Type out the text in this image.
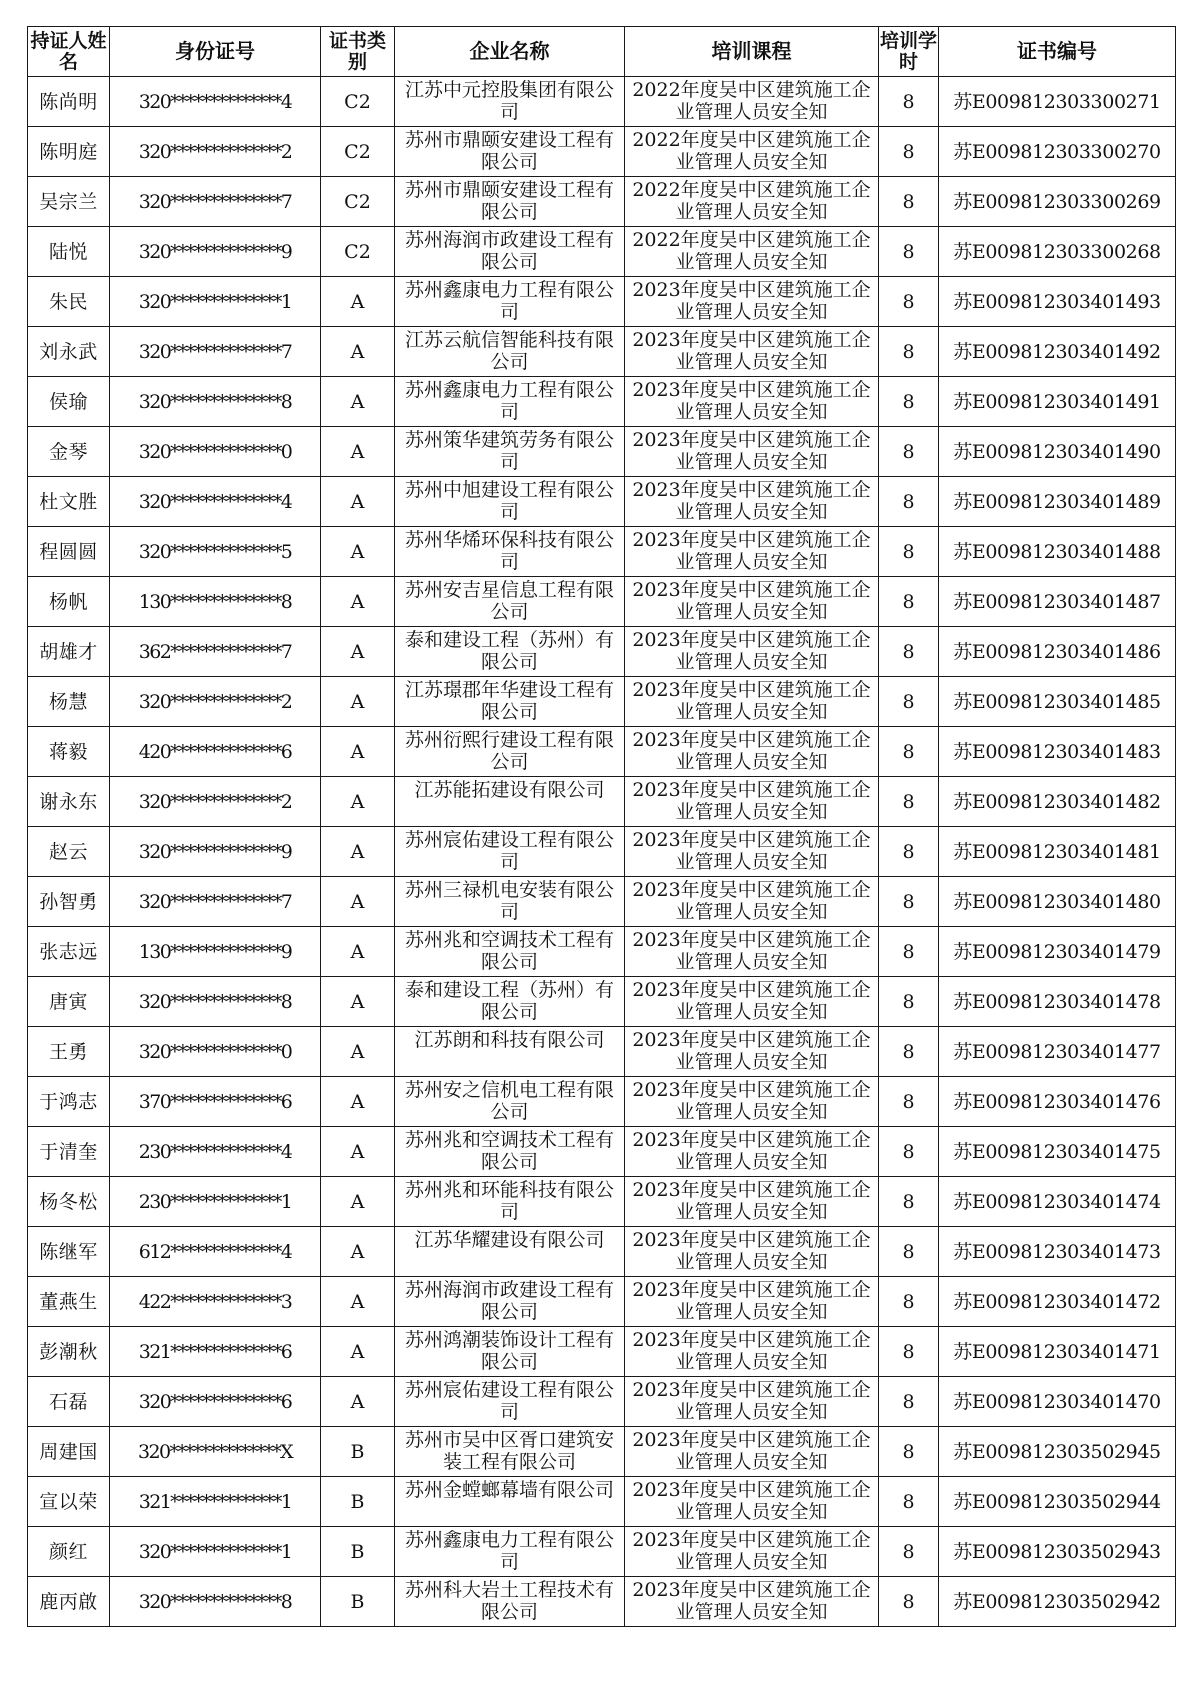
持证人姓名	身份证号	证书类别	企业名称	培训课程	培训学时	证书编号
陈尚明	320**************4	C2	江苏中元控股集团有限公司	2022年度吴中区建筑施工企业管理人员安全知	8	苏E009812303300271
陈明庭	320**************2	C2	苏州市鼎颐安建设工程有限公司	2022年度吴中区建筑施工企业管理人员安全知	8	苏E009812303300270
吴宗兰	320**************7	C2	苏州市鼎颐安建设工程有限公司	2022年度吴中区建筑施工企业管理人员安全知	8	苏E009812303300269
陆悦	320**************9	C2	苏州海润市政建设工程有限公司	2022年度吴中区建筑施工企业管理人员安全知	8	苏E009812303300268
朱民	320**************1	A	苏州鑫康电力工程有限公司	2023年度吴中区建筑施工企业管理人员安全知	8	苏E009812303401493
刘永武	320**************7	A	江苏云航信智能科技有限公司	2023年度吴中区建筑施工企业管理人员安全知	8	苏E009812303401492
侯瑜	320**************8	A	苏州鑫康电力工程有限公司	2023年度吴中区建筑施工企业管理人员安全知	8	苏E009812303401491
金琴	320**************0	A	苏州策华建筑劳务有限公司	2023年度吴中区建筑施工企业管理人员安全知	8	苏E009812303401490
杜文胜	320**************4	A	苏州中旭建设工程有限公司	2023年度吴中区建筑施工企业管理人员安全知	8	苏E009812303401489
程圆圆	320**************5	A	苏州华烯环保科技有限公司	2023年度吴中区建筑施工企业管理人员安全知	8	苏E009812303401488
杨帆	130**************8	A	苏州安吉星信息工程有限公司	2023年度吴中区建筑施工企业管理人员安全知	8	苏E009812303401487
胡雄才	362**************7	A	泰和建设工程（苏州）有限公司	2023年度吴中区建筑施工企业管理人员安全知	8	苏E009812303401486
杨慧	320**************2	A	江苏璟郡年华建设工程有限公司	2023年度吴中区建筑施工企业管理人员安全知	8	苏E009812303401485
蒋毅	420**************6	A	苏州衍熙行建设工程有限公司	2023年度吴中区建筑施工企业管理人员安全知	8	苏E009812303401483
谢永东	320**************2	A	江苏能拓建设有限公司	2023年度吴中区建筑施工企业管理人员安全知	8	苏E009812303401482
赵云	320**************9	A	苏州宸佑建设工程有限公司	2023年度吴中区建筑施工企业管理人员安全知	8	苏E009812303401481
孙智勇	320**************7	A	苏州三禄机电安装有限公司	2023年度吴中区建筑施工企业管理人员安全知	8	苏E009812303401480
张志远	130**************9	A	苏州兆和空调技术工程有限公司	2023年度吴中区建筑施工企业管理人员安全知	8	苏E009812303401479
唐寅	320**************8	A	泰和建设工程（苏州）有限公司	2023年度吴中区建筑施工企业管理人员安全知	8	苏E009812303401478
王勇	320**************0	A	江苏朗和科技有限公司	2023年度吴中区建筑施工企业管理人员安全知	8	苏E009812303401477
于鸿志	370**************6	A	苏州安之信机电工程有限公司	2023年度吴中区建筑施工企业管理人员安全知	8	苏E009812303401476
于清奎	230**************4	A	苏州兆和空调技术工程有限公司	2023年度吴中区建筑施工企业管理人员安全知	8	苏E009812303401475
杨冬松	230**************1	A	苏州兆和环能科技有限公司	2023年度吴中区建筑施工企业管理人员安全知	8	苏E009812303401474
陈继军	612**************4	A	江苏华耀建设有限公司	2023年度吴中区建筑施工企业管理人员安全知	8	苏E009812303401473
董燕生	422**************3	A	苏州海润市政建设工程有限公司	2023年度吴中区建筑施工企业管理人员安全知	8	苏E009812303401472
彭潮秋	321**************6	A	苏州鸿潮装饰设计工程有限公司	2023年度吴中区建筑施工企业管理人员安全知	8	苏E009812303401471
石磊	320**************6	A	苏州宸佑建设工程有限公司	2023年度吴中区建筑施工企业管理人员安全知	8	苏E009812303401470
周建国	320**************X	B	苏州市吴中区胥口建筑安装工程有限公司	2023年度吴中区建筑施工企业管理人员安全知	8	苏E009812303502945
宣以荣	321**************1	B	苏州金螳螂幕墙有限公司	2023年度吴中区建筑施工企业管理人员安全知	8	苏E009812303502944
颜红	320**************1	B	苏州鑫康电力工程有限公司	2023年度吴中区建筑施工企业管理人员安全知	8	苏E009812303502943
鹿丙啟	320**************8	B	苏州科大岩土工程技术有限公司	2023年度吴中区建筑施工企业管理人员安全知	8	苏E009812303502942
